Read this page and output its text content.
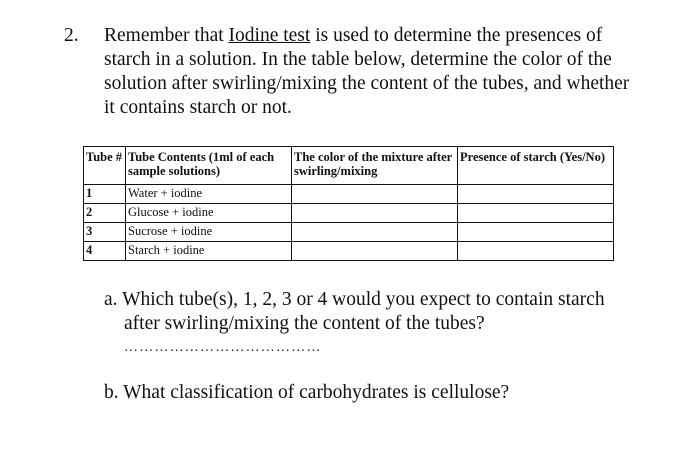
2. Remember that Iodine test is used to determine the presences of starch in a solution. In the table below, determine the color of the solution after swirling/mixing the content of the tubes, and whether it contains starch or not.
Tube #	Tube Contents (1ml of each sample solutions)	The color of the mixture after swirling/mixing	Presence of starch (Yes/No)
1	Water + iodine		
2	Glucose + iodine		
3	Sucrose + iodine		
4	Starch + iodine		
a. Which tube(s), 1, 2, 3 or 4 would you expect to contain starch after swirling/mixing the content of the tubes?
…………………………………
b. What classification of carbohydrates is cellulose?
